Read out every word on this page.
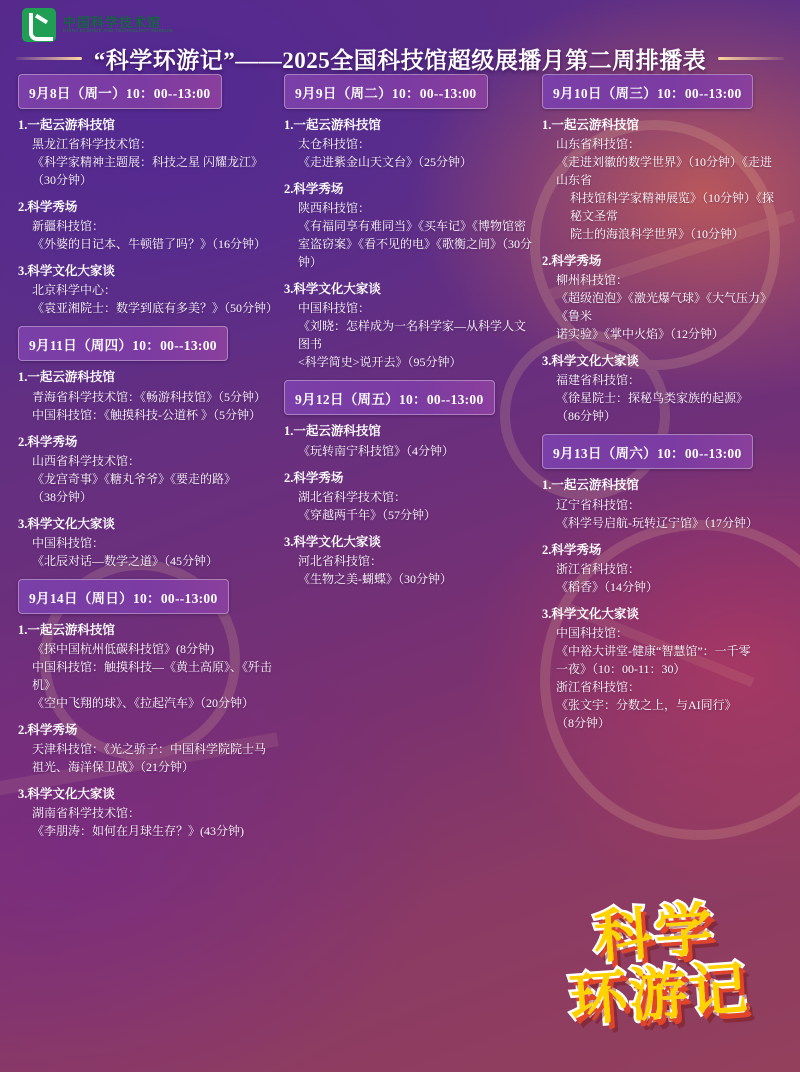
中国科学技术馆
CHINA SCIENCE AND TECHNOLOGY MUSEUM
“科学环游记”——2025全国科技馆超级展播月第二周排播表
9月8日（周一）10：00--13:00
1.一起云游科技馆
黑龙江省科学技术馆：
《科学家精神主题展：科技之星 闪耀龙江》
（30分钟）
2.科学秀场
新疆科技馆：
《外婆的日记本、牛顿错了吗？》（16分钟）
3.科学文化大家谈
北京科学中心：
《袁亚湘院士：数学到底有多美？》（50分钟）
9月11日（周四）10：00--13:00
1.一起云游科技馆
青海省科学技术馆：《畅游科技馆》（5分钟）
中国科技馆：《触摸科技-公道杯 》（5分钟）
2.科学秀场
山西省科学技术馆：
《龙宫奇事》《糖丸爷爷》《要走的路》
（38分钟）
3.科学文化大家谈
中国科技馆：
《北辰对话—数学之道》（45分钟）
9月14日（周日）10：00--13:00
1.一起云游科技馆
《探中国杭州低碳科技馆》(8分钟)
中国科技馆：触摸科技—《黄土高原》、《歼击机》
《空中飞翔的球》、《拉起汽车》（20分钟）
2.科学秀场
天津科技馆：《光之骄子：中国科学院院士马
祖光、海洋保卫战》（21分钟）
3.科学文化大家谈
湖南省科学技术馆：
《李朋涛：如何在月球生存？》(43分钟)
9月9日（周二）10：00--13:00
1.一起云游科技馆
太仓科技馆：
《走进紫金山天文台》（25分钟）
2.科学秀场
陕西科技馆：
《有福同享有难同当》《买车记》《博物馆密
室盗窃案》《看不见的电》《歌衡之间》（30分钟）
3.科学文化大家谈
中国科技馆：
《刘晓：怎样成为一名科学家—从科学人文图书
<科学简史>说开去》（95分钟）
9月12日（周五）10：00--13:00
1.一起云游科技馆
《玩转南宁科技馆》（4分钟）
2.科学秀场
湖北省科学技术馆：
《穿越两千年》（57分钟）
3.科学文化大家谈
河北省科技馆：
《生物之美-蝴蝶》（30分钟）
9月10日（周三）10：00--13:00
1.一起云游科技馆
山东省科技馆：
《走进刘徽的数学世界》（10分钟）《走进山东省
科技馆科学家精神展览》（10分钟）《探秘文圣常
院士的海浪科学世界》（10分钟）
2.科学秀场
柳州科技馆：
《超级泡泡》《激光爆气球》《大气压力》《鲁米
诺实验》《掌中火焰》（12分钟）
3.科学文化大家谈
福建省科技馆：
《徐星院士：探秘鸟类家族的起源》
（86分钟）
9月13日（周六）10：00--13:00
1.一起云游科技馆
辽宁省科技馆：
《科学号启航-玩转辽宁馆》（17分钟）
2.科学秀场
浙江省科技馆：
《稻香》（14分钟）
3.科学文化大家谈
中国科技馆：
《中裕大讲堂-健康“智慧馆”：一千零
一夜》（10：00-11：30）
浙江省科技馆：
《张文宇：分数之上，与AI同行》
（8分钟）
科学
环游记
